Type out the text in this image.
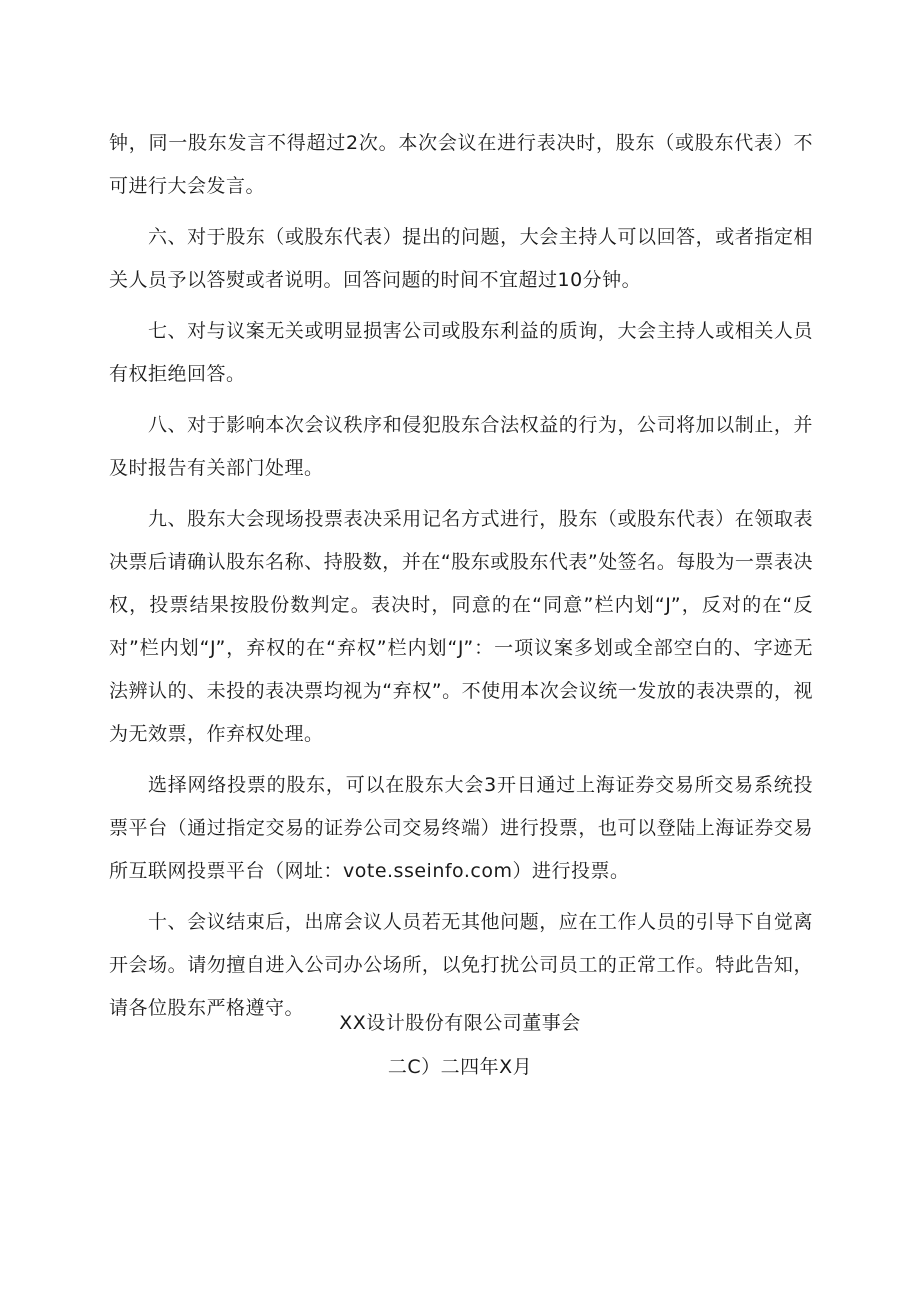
钟，同一股东发言不得超过2次。本次会议在进行表决时，股东（或股东代表）不可进行大会发言。

六、对于股东（或股东代表）提出的问题，大会主持人可以回答，或者指定相关人员予以答熨或者说明。回答问题的时间不宜超过10分钟。

七、对与议案无关或明显损害公司或股东利益的质询，大会主持人或相关人员有权拒绝回答。

八、对于影响本次会议秩序和侵犯股东合法权益的行为，公司将加以制止，并及时报告有关部门处理。

九、股东大会现场投票表决采用记名方式进行，股东（或股东代表）在领取表决票后请确认股东名称、持股数，并在“股东或股东代表”处签名。每股为一票表决权，投票结果按股份数判定。表决时，同意的在“同意”栏内划“J”，反对的在“反对”栏内划“J”，弃权的在“弃权”栏内划“J”：一项议案多划或全部空白的、字迹无法辨认的、未投的表决票均视为“弃权”。不使用本次会议统一发放的表决票的，视为无效票，作弃权处理。

选择网络投票的股东，可以在股东大会3开日通过上海证券交易所交易系统投票平台（通过指定交易的证券公司交易终端）进行投票，也可以登陆上海证券交易所互联网投票平台（网址：vote.sseinfo.com）进行投票。

十、会议结束后，出席会议人员若无其他问题，应在工作人员的引导下自觉离开会场。请勿擅自进入公司办公场所，以免打扰公司员工的正常工作。特此告知，请各位股东严格遵守。

XX设计股份有限公司董事会
二C）二四年X月
